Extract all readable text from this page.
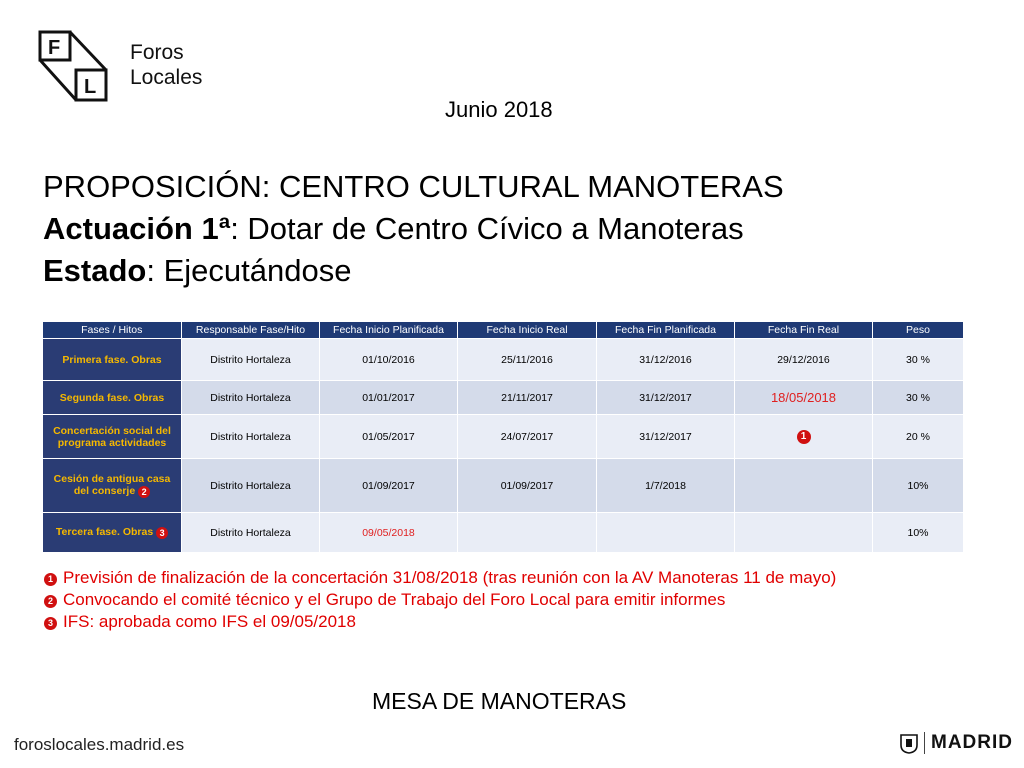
F
L
Foros
Locales
Junio 2018
PROPOSICIÓN: CENTRO CULTURAL MANOTERAS
Actuación 1ª: Dotar de Centro Cívico a Manoteras
Estado: Ejecutándose
Fases / Hitos	Responsable Fase/Hito	Fecha Inicio Planificada	Fecha Inicio Real	Fecha Fin Planificada	Fecha Fin Real	Peso
Primera fase. Obras	Distrito Hortaleza	01/10/2016	25/11/2016	31/12/2016	29/12/2016	30 %
Segunda fase. Obras	Distrito Hortaleza	01/01/2017	21/11/2017	31/12/2017	18/05/2018	30 %
Concertación social del programa actividades	Distrito Hortaleza	01/05/2017	24/07/2017	31/12/2017	1	20 %
Cesión de antigua casa del conserje 2	Distrito Hortaleza	01/09/2017	01/09/2017	1/7/2018		10%
Tercera fase. Obras 3	Distrito Hortaleza	09/05/2018				10%
1 Previsión de finalización de la concertación 31/08/2018 (tras reunión con la AV Manoteras 11 de mayo)
2 Convocando el comité técnico y el Grupo de Trabajo del Foro Local para emitir informes
3 IFS: aprobada como IFS el 09/05/2018
MESA DE MANOTERAS
foroslocales.madrid.es	MADRID
